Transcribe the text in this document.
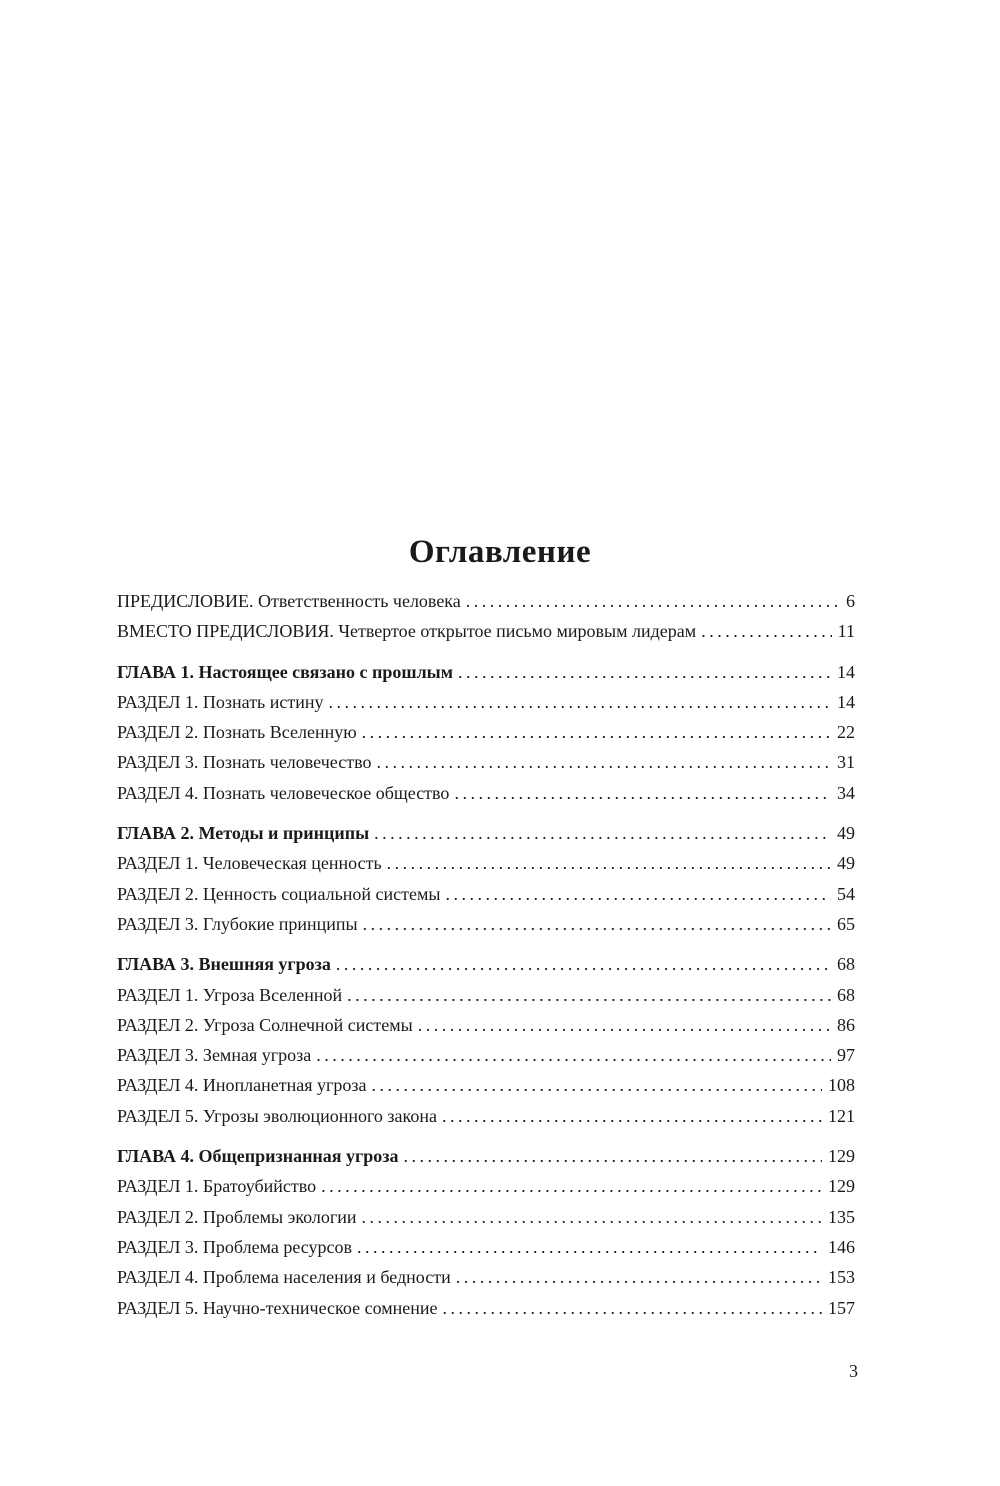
Оглавление
ПРЕДИСЛОВИЕ. Ответственность человека . . .	6
ВМЕСТО ПРЕДИСЛОВИЯ. Четвертое открытое письмо мировым лидерам . . .	11
ГЛАВА 1. Настоящее связано с прошлым . . .	14
РАЗДЕЛ 1. Познать истину . . .	14
РАЗДЕЛ 2. Познать Вселенную . . .	22
РАЗДЕЛ 3. Познать человечество . . .	31
РАЗДЕЛ 4. Познать человеческое общество . . .	34
ГЛАВА 2. Методы и принципы . . .	49
РАЗДЕЛ 1. Человеческая ценность . . .	49
РАЗДЕЛ 2. Ценность социальной системы . . .	54
РАЗДЕЛ 3. Глубокие принципы . . .	65
ГЛАВА 3. Внешняя угроза . . .	68
РАЗДЕЛ 1. Угроза Вселенной . . .	68
РАЗДЕЛ 2. Угроза Солнечной системы . . .	86
РАЗДЕЛ 3. Земная угроза . . .	97
РАЗДЕЛ 4. Инопланетная угроза . . .	108
РАЗДЕЛ 5. Угрозы эволюционного закона . . .	121
ГЛАВА 4. Общепризнанная угроза . . .	129
РАЗДЕЛ 1. Братоубийство . . .	129
РАЗДЕЛ 2. Проблемы экологии . . .	135
РАЗДЕЛ 3. Проблема ресурсов . . .	146
РАЗДЕЛ 4. Проблема населения и бедности . . .	153
РАЗДЕЛ 5. Научно-техническое сомнение . . .	157
3
